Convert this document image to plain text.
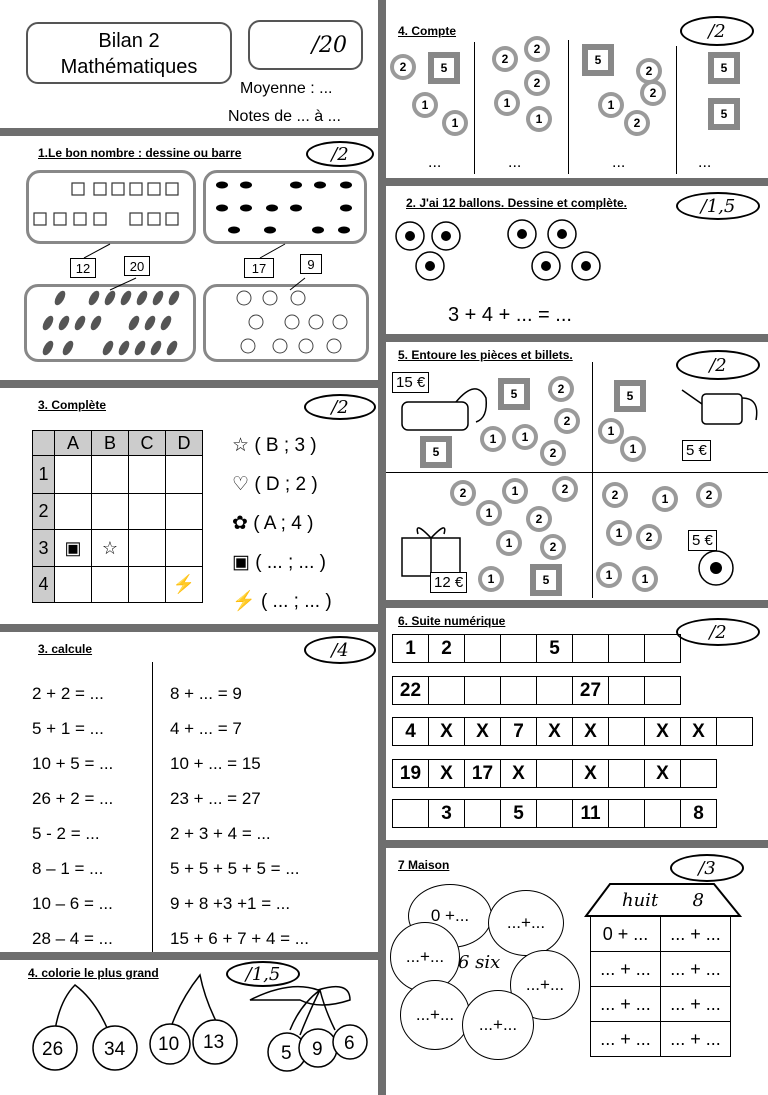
Bilan 2
Mathématiques
/20
Moyenne : ...
Notes de ... à ...
1.Le bon nombre : dessine ou barre	/2
12	20	17	9
3. Complète	/2
	A	B	C	D
1				
2				
3	▣	☆		
4				⚡
☆ ( B ; 3 )
♡ ( D ; 2 )
✿ ( A ; 4 )
▣ ( ... ; ... )
⚡ ( ... ; ... )
3. calcule	/4
2 + 2 = ...
5 + 1 = ...
10 + 5 = ...
26 + 2 = ...
5 - 2 = ...
8 – 1 = ...
10 – 6 = ...
28 – 4 = ...
8 + ... = 9
4 + ... = 7
10 + ... = 15
23 + ... = 27
2 + 3 + 4 = ...
5 + 5 + 5 + 5 = ...
9 + 8 +3 +1 = ...
15 + 6 + 7 + 4 = ...
4. colorie le plus grand	/1,5
26 34 10 13
5 9 6
4. Compte	/2
2	5
1
1
2
2
2
1
1
5
2
2
1
2
5
5
...	...	...	...
2. J'ai 12 ballons. Dessine et complète.	/1,5
3 + 4 + ... = ...
5. Entoure les pièces et billets.	/2
15 €
5	2
2
1	1
2
5
5
1
1	5 €
2	1	2
1	2
1	2
12 €	1	5
2	1	2
1	2
1	1
5 €
6. Suite numérique
/2
1	2			5			
22					27		
4	X	X	7	X	X		X	X	
19	X	17	X		X		X	
	3		5		11			8
7 Maison	/3
0 +... ...+...
...+...
...+...
...+...
...+...
6 six
huit      8
0 + ...	... + ...
... + ...	... + ...
... + ...	... + ...
... + ...	... + ...
